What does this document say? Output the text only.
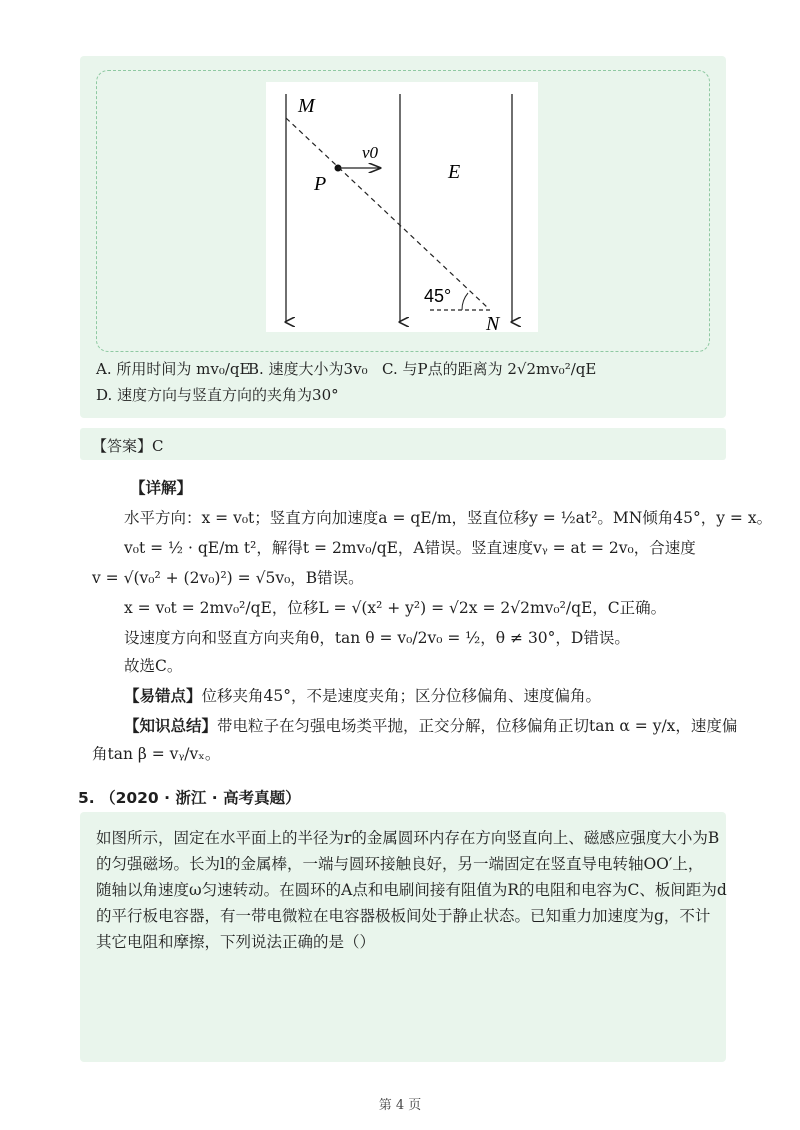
M
P
v0
E
45°
N
A. 所用时间为 mv₀/qE
B. 速度大小为3v₀ C. 与P点的距离为 2√2mv₀²/qE
D. 速度方向与竖直方向的夹角为30°
【答案】C
【详解】
水平方向：x = v₀t；竖直方向加速度a = qE/m，竖直位移y = ½at²。MN倾角45°，y = x。
v₀t = ½ · qE/m t²，解得t = 2mv₀/qE，A错误。竖直速度vᵧ = at = 2v₀，合速度
v = √(v₀² + (2v₀)²) = √5v₀，B错误。
x = v₀t = 2mv₀²/qE，位移L = √(x² + y²) = √2x = 2√2mv₀²/qE，C正确。
设速度方向和竖直方向夹角θ，tan θ = v₀/2v₀ = ½，θ ≠ 30°，D错误。
故选C。
【易错点】位移夹角45°，不是速度夹角；区分位移偏角、速度偏角。
【知识总结】带电粒子在匀强电场类平抛，正交分解，位移偏角正切tan α = y/x，速度偏
角tan β = vᵧ/vₓ。
5. （2020 · 浙江 · 高考真题）
如图所示，固定在水平面上的半径为r的金属圆环内存在方向竖直向上、磁感应强度大小为B
的匀强磁场。长为l的金属棒，一端与圆环接触良好，另一端固定在竖直导电转轴OO′上，
随轴以角速度ω匀速转动。在圆环的A点和电刷间接有阻值为R的电阻和电容为C、板间距为d
的平行板电容器，有一带电微粒在电容器极板间处于静止状态。已知重力加速度为g，不计
其它电阻和摩擦，下列说法正确的是（）
第 4 页
